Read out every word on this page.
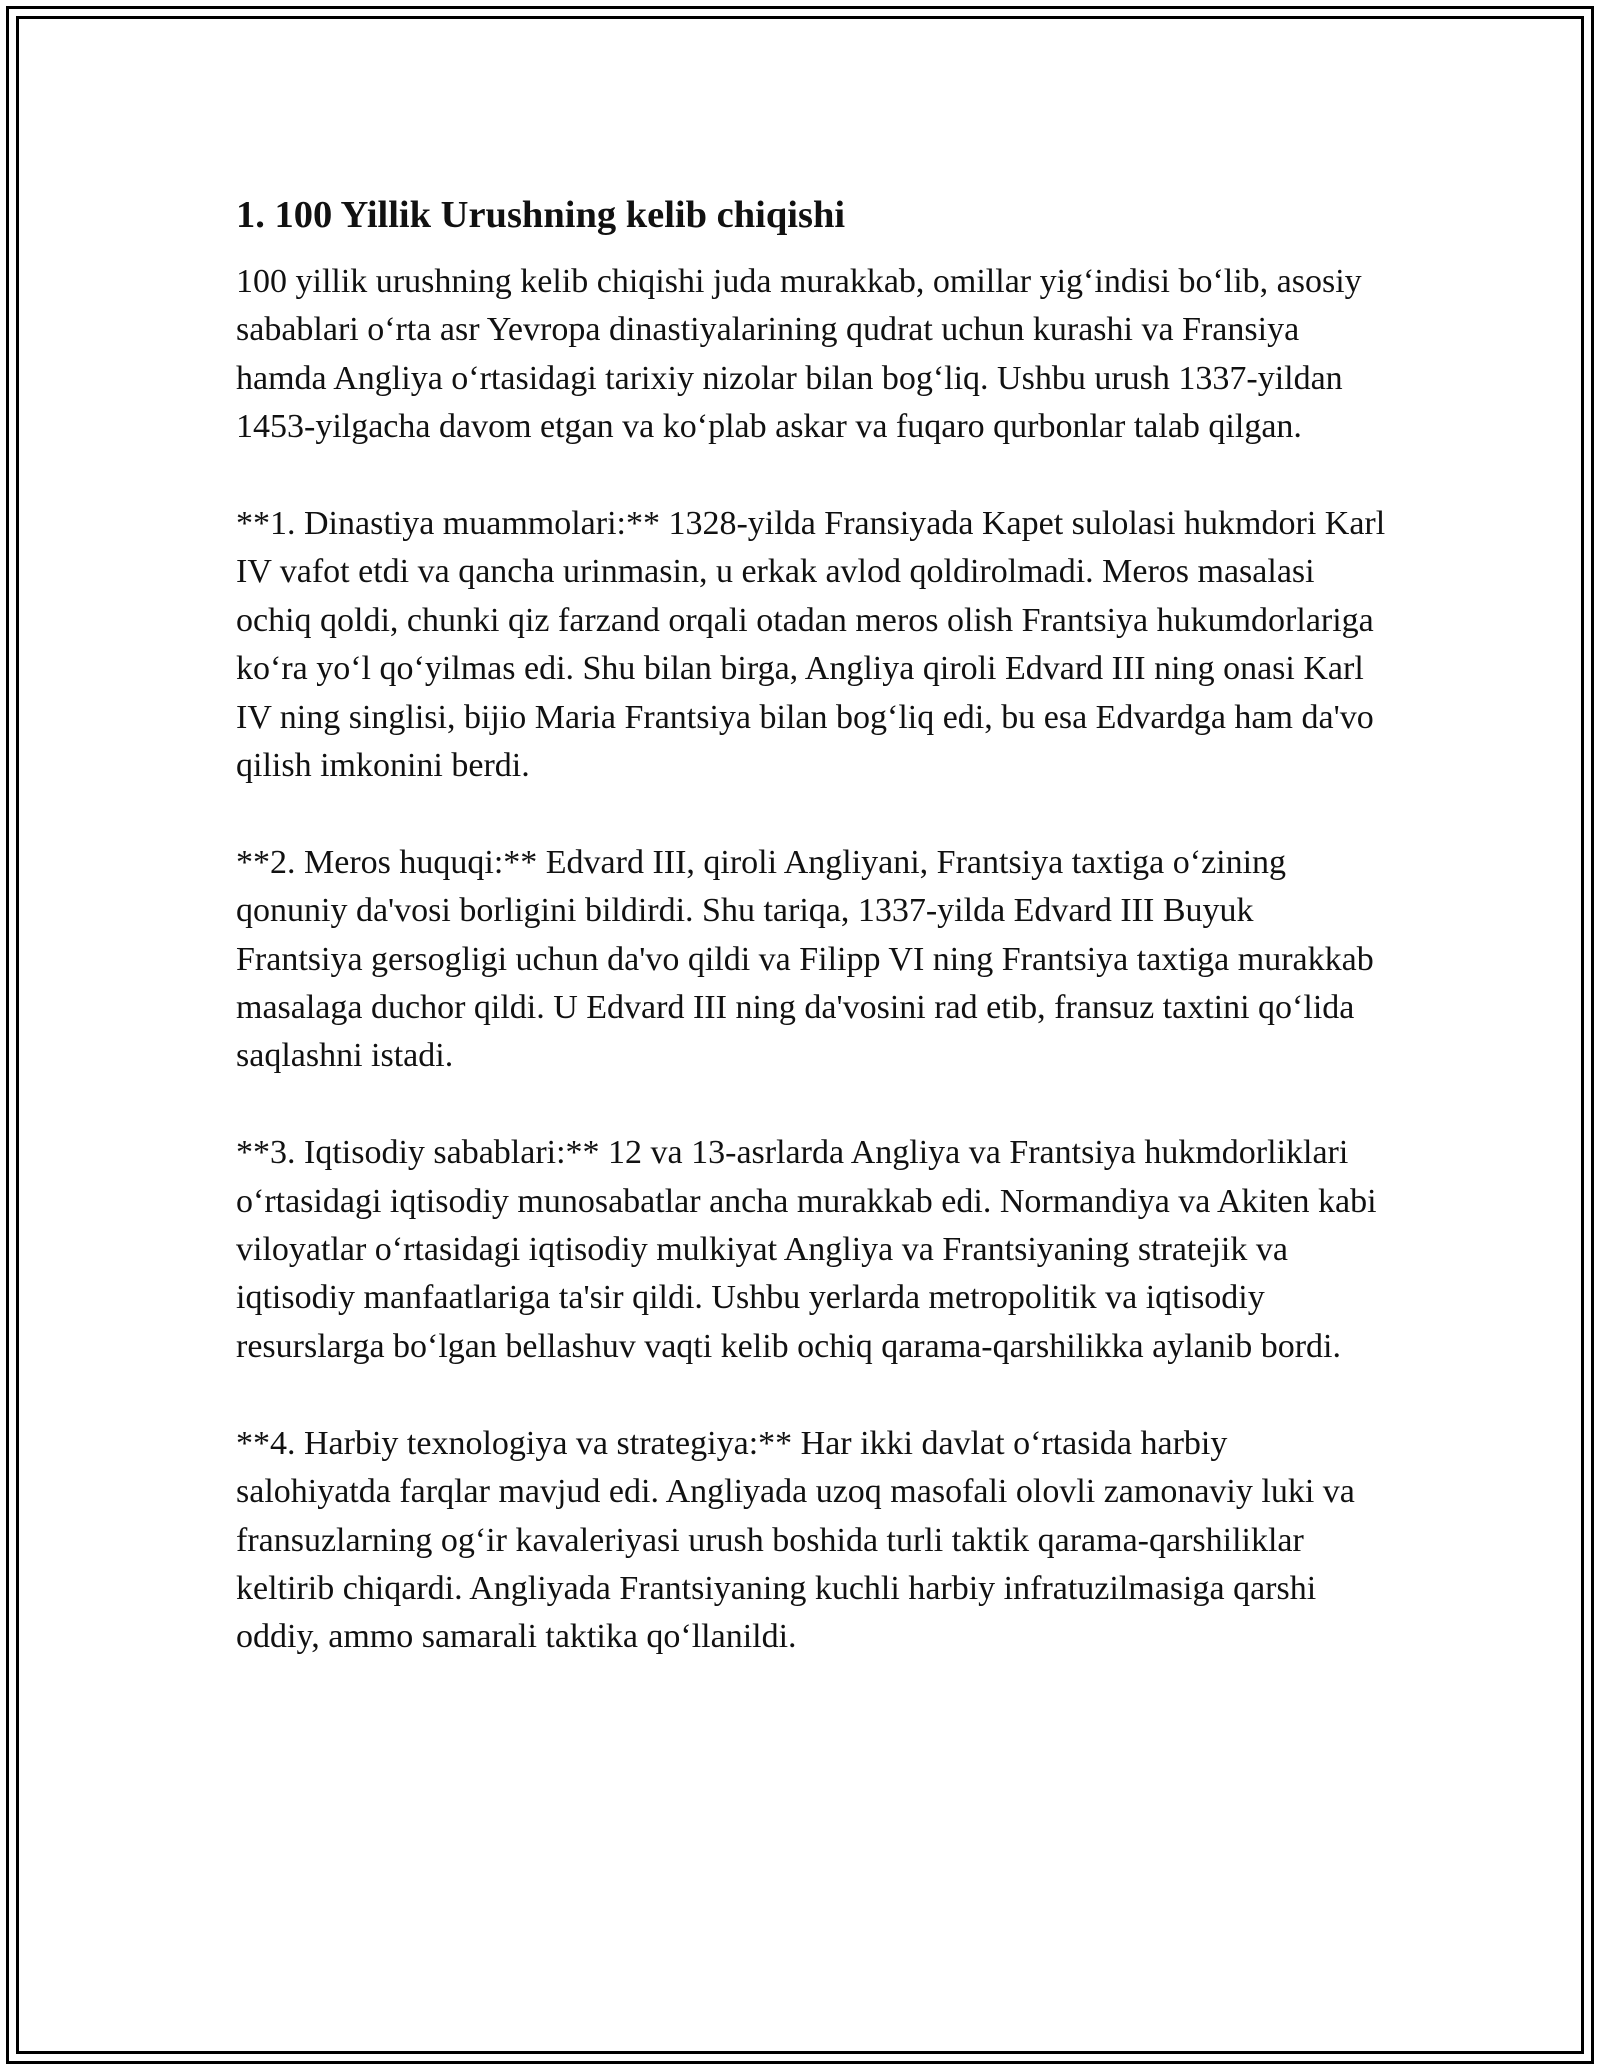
1. 100 Yillik Urushning kelib chiqishi

100 yillik urushning kelib chiqishi juda murakkab, omillar yig‘indisi bo‘lib, asosiy sabablari o‘rta asr Yevropa dinastiyalarining qudrat uchun kurashi va Fransiya hamda Angliya o‘rtasidagi tarixiy nizolar bilan bog‘liq. Ushbu urush 1337-yildan 1453-yilgacha davom etgan va ko‘plab askar va fuqaro qurbonlar talab qilgan.

**1. Dinastiya muammolari:** 1328-yilda Fransiyada Kapet sulolasi hukmdori Karl IV vafot etdi va qancha urinmasin, u erkak avlod qoldirolmadi. Meros masalasi ochiq qoldi, chunki qiz farzand orqali otadan meros olish Frantsiya hukumdorlariga ko‘ra yo‘l qo‘yilmas edi. Shu bilan birga, Angliya qiroli Edvard III ning onasi Karl IV ning singlisi, bijio Maria Frantsiya bilan bog‘liq edi, bu esa Edvardga ham da'vo qilish imkonini berdi.

**2. Meros huquqi:** Edvard III, qiroli Angliyani, Frantsiya taxtiga o‘zining qonuniy da'vosi borligini bildirdi. Shu tariqa, 1337-yilda Edvard III Buyuk Frantsiya gersogligi uchun da'vo qildi va Filipp VI ning Frantsiya taxtiga murakkab masalaga duchor qildi. U Edvard III ning da'vosini rad etib, fransuz taxtini qo‘lida saqlashni istadi.

**3. Iqtisodiy sabablari:** 12 va 13-asrlarda Angliya va Frantsiya hukmdorliklari o‘rtasidagi iqtisodiy munosabatlar ancha murakkab edi. Normandiya va Akiten kabi viloyatlar o‘rtasidagi iqtisodiy mulkiyat Angliya va Frantsiyaning stratejik va iqtisodiy manfaatlariga ta'sir qildi. Ushbu yerlarda metropolitik va iqtisodiy resurslarga bo‘lgan bellashuv vaqti kelib ochiq qarama-qarshilikka aylanib bordi.

**4. Harbiy texnologiya va strategiya:** Har ikki davlat o‘rtasida harbiy salohiyatda farqlar mavjud edi. Angliyada uzoq masofali olovli zamonaviy luki va fransuzlarning og‘ir kavaleriyasi urush boshida turli taktik qarama-qarshiliklar keltirib chiqardi. Angliyada Frantsiyaning kuchli harbiy infratuzilmasiga qarshi oddiy, ammo samarali taktika qo‘llanildi.
